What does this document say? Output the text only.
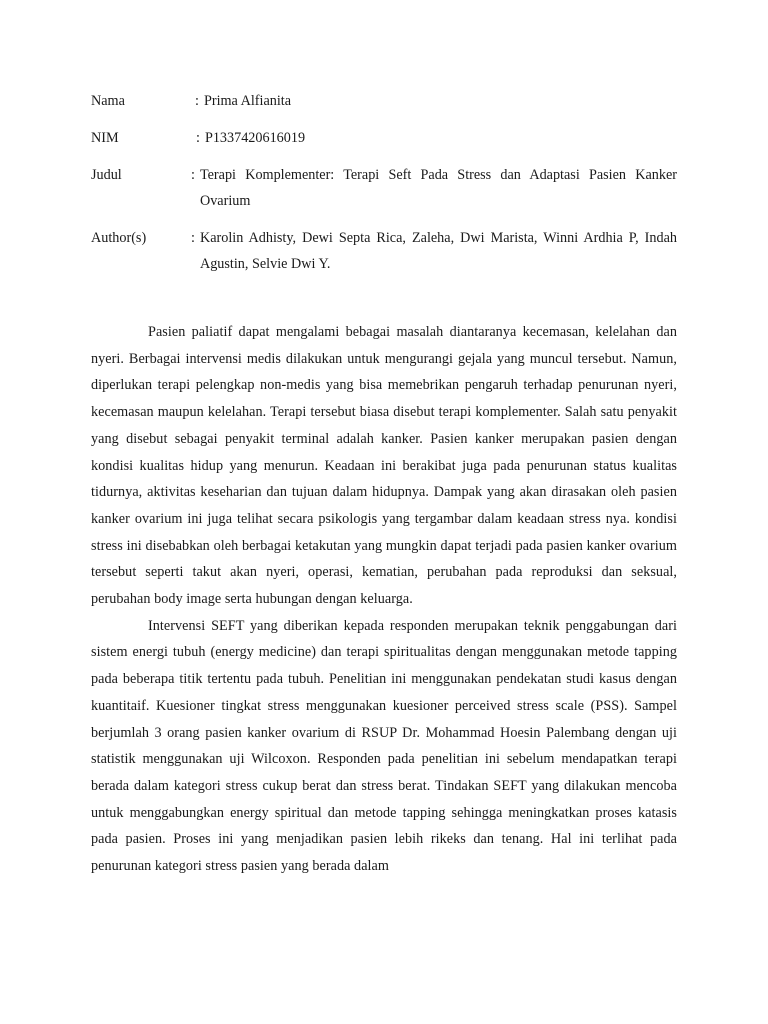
Nama	: Prima Alfianita
NIM	: P1337420616019
Judul	: Terapi Komplementer: Terapi Seft Pada Stress dan Adaptasi Pasien Kanker Ovarium
Author(s)	: Karolin Adhisty, Dewi Septa Rica, Zaleha, Dwi Marista, Winni Ardhia P, Indah Agustin, Selvie Dwi Y.

Pasien paliatif dapat mengalami bebagai masalah diantaranya kecemasan, kelelahan dan nyeri. Berbagai intervensi medis dilakukan untuk mengurangi gejala yang muncul tersebut. Namun, diperlukan terapi pelengkap non-medis yang bisa memebrikan pengaruh terhadap penurunan nyeri, kecemasan maupun kelelahan. Terapi tersebut biasa disebut terapi komplementer. Salah satu penyakit yang disebut sebagai penyakit terminal adalah kanker. Pasien kanker merupakan pasien dengan kondisi kualitas hidup yang menurun. Keadaan ini berakibat juga pada penurunan status kualitas tidurnya, aktivitas keseharian dan tujuan dalam hidupnya. Dampak yang akan dirasakan oleh pasien kanker ovarium ini juga telihat secara psikologis yang tergambar dalam keadaan stress nya. kondisi stress ini disebabkan oleh berbagai ketakutan yang mungkin dapat terjadi pada pasien kanker ovarium tersebut seperti takut akan nyeri, operasi, kematian, perubahan pada reproduksi dan seksual, perubahan body image serta hubungan dengan keluarga.

Intervensi SEFT yang diberikan kepada responden merupakan teknik penggabungan dari sistem energi tubuh (energy medicine) dan terapi spiritualitas dengan menggunakan metode tapping pada beberapa titik tertentu pada tubuh. Penelitian ini menggunakan pendekatan studi kasus dengan kuantitaif. Kuesioner tingkat stress menggunakan kuesioner perceived stress scale (PSS). Sampel berjumlah 3 orang pasien kanker ovarium di RSUP Dr. Mohammad Hoesin Palembang dengan uji statistik menggunakan uji Wilcoxon. Responden pada penelitian ini sebelum mendapatkan terapi berada dalam kategori stress cukup berat dan stress berat. Tindakan SEFT yang dilakukan mencoba untuk menggabungkan energy spiritual dan metode tapping sehingga meningkatkan proses katasis pada pasien. Proses ini yang menjadikan pasien lebih rikeks dan tenang. Hal ini terlihat pada penurunan kategori stress pasien yang berada dalam
